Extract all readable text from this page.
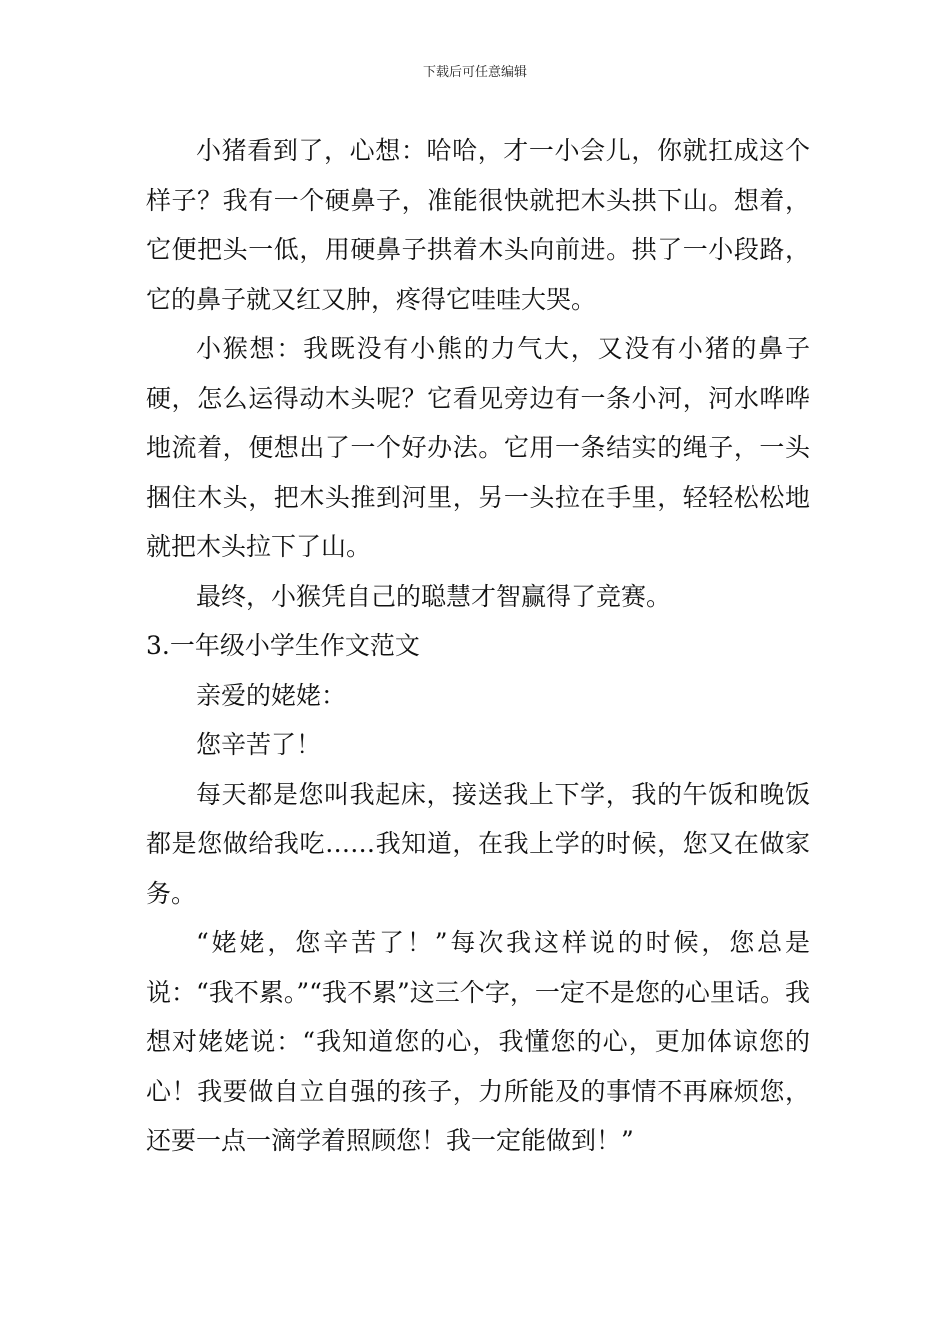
下载后可任意编辑

小猪看到了，心想：哈哈，才一小会儿，你就扛成这个样子？我有一个硬鼻子，准能很快就把木头拱下山。想着，它便把头一低，用硬鼻子拱着木头向前进。拱了一小段路，它的鼻子就又红又肿，疼得它哇哇大哭。

小猴想：我既没有小熊的力气大，又没有小猪的鼻子硬，怎么运得动木头呢？它看见旁边有一条小河，河水哗哗地流着，便想出了一个好办法。它用一条结实的绳子，一头捆住木头，把木头推到河里，另一头拉在手里，轻轻松松地就把木头拉下了山。

最终，小猴凭自己的聪慧才智赢得了竞赛。

3.一年级小学生作文范文

亲爱的姥姥：

您辛苦了！

每天都是您叫我起床，接送我上下学，我的午饭和晚饭都是您做给我吃……我知道，在我上学的时候，您又在做家务。

“姥姥，您辛苦了！”每次我这样说的时候，您总是说：“我不累。”“我不累”这三个字，一定不是您的心里话。我想对姥姥说：“我知道您的心，我懂您的心，更加体谅您的心！我要做自立自强的孩子，力所能及的事情不再麻烦您，还要一点一滴学着照顾您！我一定能做到！”
